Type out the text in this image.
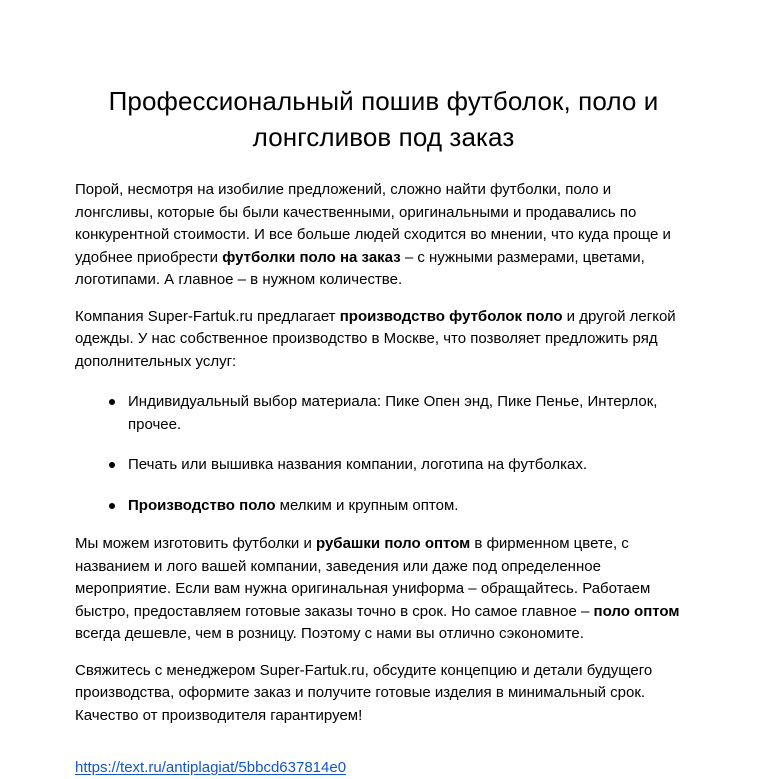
Профессиональный пошив футболок, поло и лонгсливов под заказ

Порой, несмотря на изобилие предложений, сложно найти футболки, поло и лонгсливы, которые бы были качественными, оригинальными и продавались по конкурентной стоимости. И все больше людей сходится во мнении, что куда проще и удобнее приобрести футболки поло на заказ – с нужными размерами, цветами, логотипами. А главное – в нужном количестве.

Компания Super-Fartuk.ru предлагает производство футболок поло и другой легкой одежды. У нас собственное производство в Москве, что позволяет предложить ряд дополнительных услуг:

Индивидуальный выбор материала: Пике Опен энд, Пике Пенье, Интерлок, прочее.
Печать или вышивка названия компании, логотипа на футболках.
Производство поло мелким и крупным оптом.

Мы можем изготовить футболки и рубашки поло оптом в фирменном цвете, с названием и лого вашей компании, заведения или даже под определенное мероприятие. Если вам нужна оригинальная униформа – обращайтесь. Работаем быстро, предоставляем готовые заказы точно в срок. Но самое главное – поло оптом всегда дешевле, чем в розницу. Поэтому с нами вы отлично сэкономите.

Свяжитесь с менеджером Super-Fartuk.ru, обсудите концепцию и детали будущего производства, оформите заказ и получите готовые изделия в минимальный срок. Качество от производителя гарантируем!

https://text.ru/antiplagiat/5bbcd637814e0
